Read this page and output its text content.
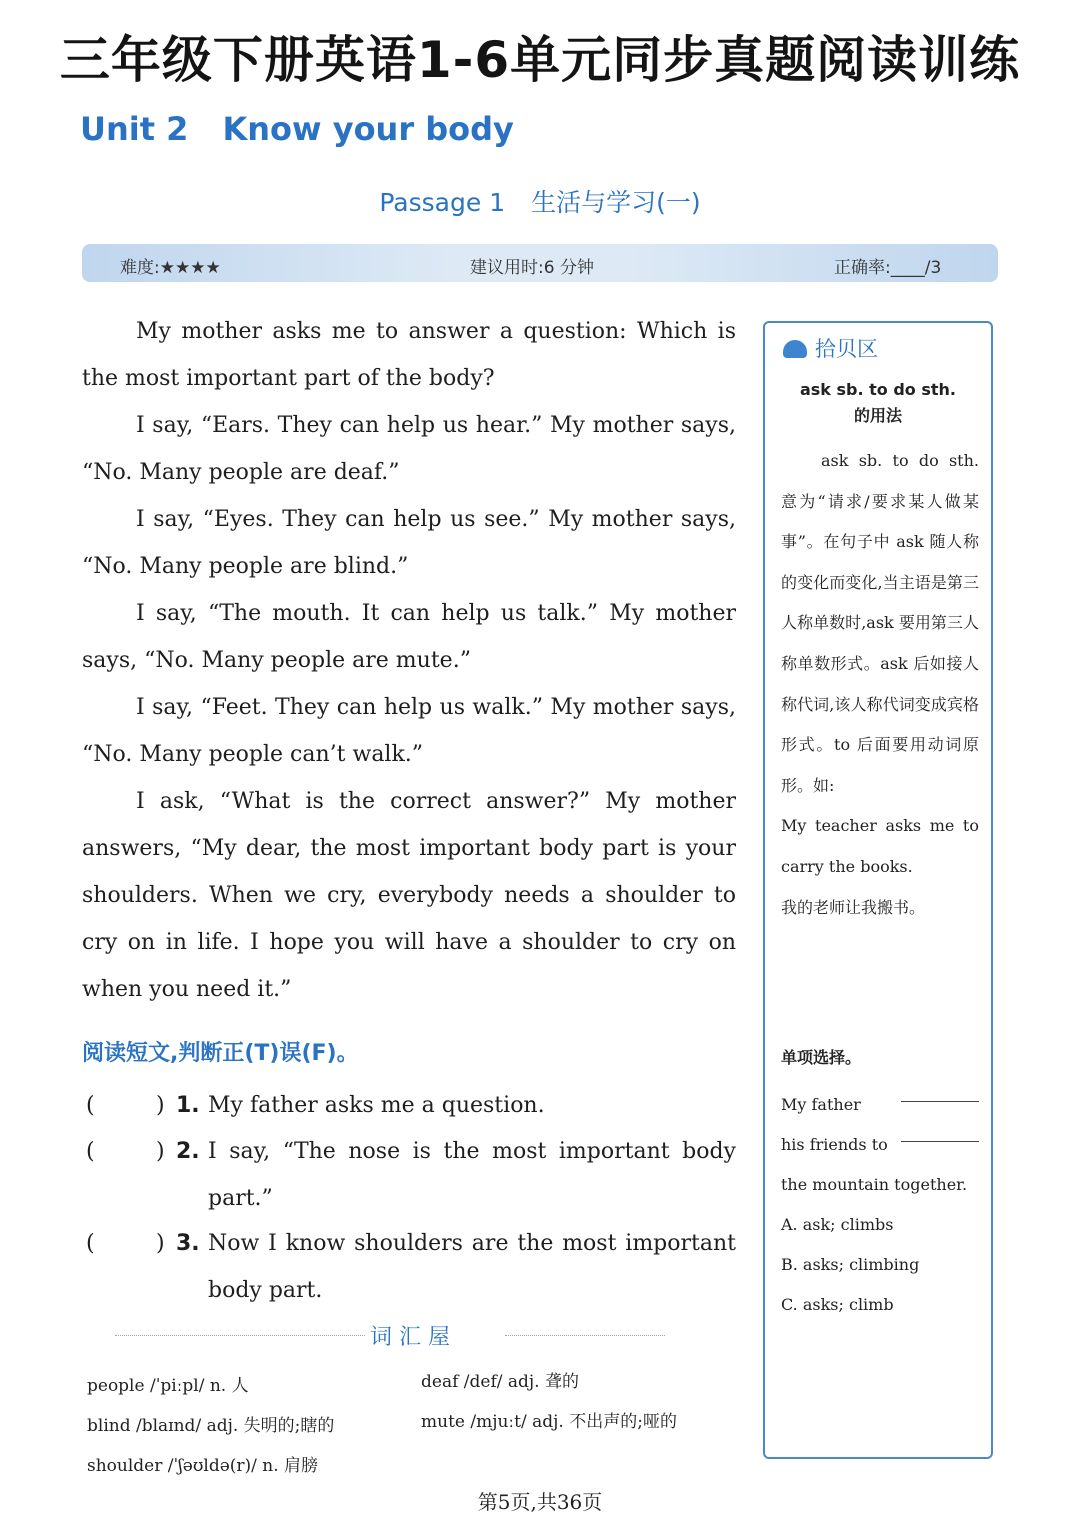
三年级下册英语1-6单元同步真题阅读训练
Unit 2 Know your body
Passage 1 生活与学习(一)
难度:★★★★	建议用时:6 分钟	正确率:____/3

My mother asks me to answer a question: Which is the most important part of the body?

I say, “Ears. They can help us hear.” My mother says, “No. Many people are deaf.”

I say, “Eyes. They can help us see.” My mother says, “No. Many people are blind.”

I say, “The mouth. It can help us talk.” My mother says, “No. Many people are mute.”

I say, “Feet. They can help us walk.” My mother says, “No. Many people can’t walk.”

I ask, “What is the correct answer?” My mother answers, “My dear, the most important body part is your shoulders. When we cry, everybody needs a shoulder to cry on in life. I hope you will have a shoulder to cry on when you need it.”

阅读短文,判断正(T)误(F)。
(	) 1. My father asks me a question.
(	) 2. I say, “The nose is the most important body part.”
(	) 3. Now I know shoulders are the most important body part.
词 汇 屋
people /ˈpiːpl/ n. 人	deaf /def/ adj. 聋的
blind /blaɪnd/ adj. 失明的;瞎的	mute /mjuːt/ adj. 不出声的;哑的
shoulder /ˈʃəʊldə(r)/ n. 肩膀
拾贝区
ask sb. to do sth.
的用法

ask sb. to do sth. 意为“请求/要求某人做某事”。在句子中 ask 随人称的变化而变化,当主语是第三人称单数时,ask 要用第三人称单数形式。ask 后如接人称代词,该人称代词变成宾格形式。to 后面要用动词原形。如:

My teacher asks me to carry the books.

我的老师让我搬书。

单项选择。
My father
his friends to
the mountain together.
A. ask; climbs
B. asks; climbing
C. asks; climb
第5页,共36页
